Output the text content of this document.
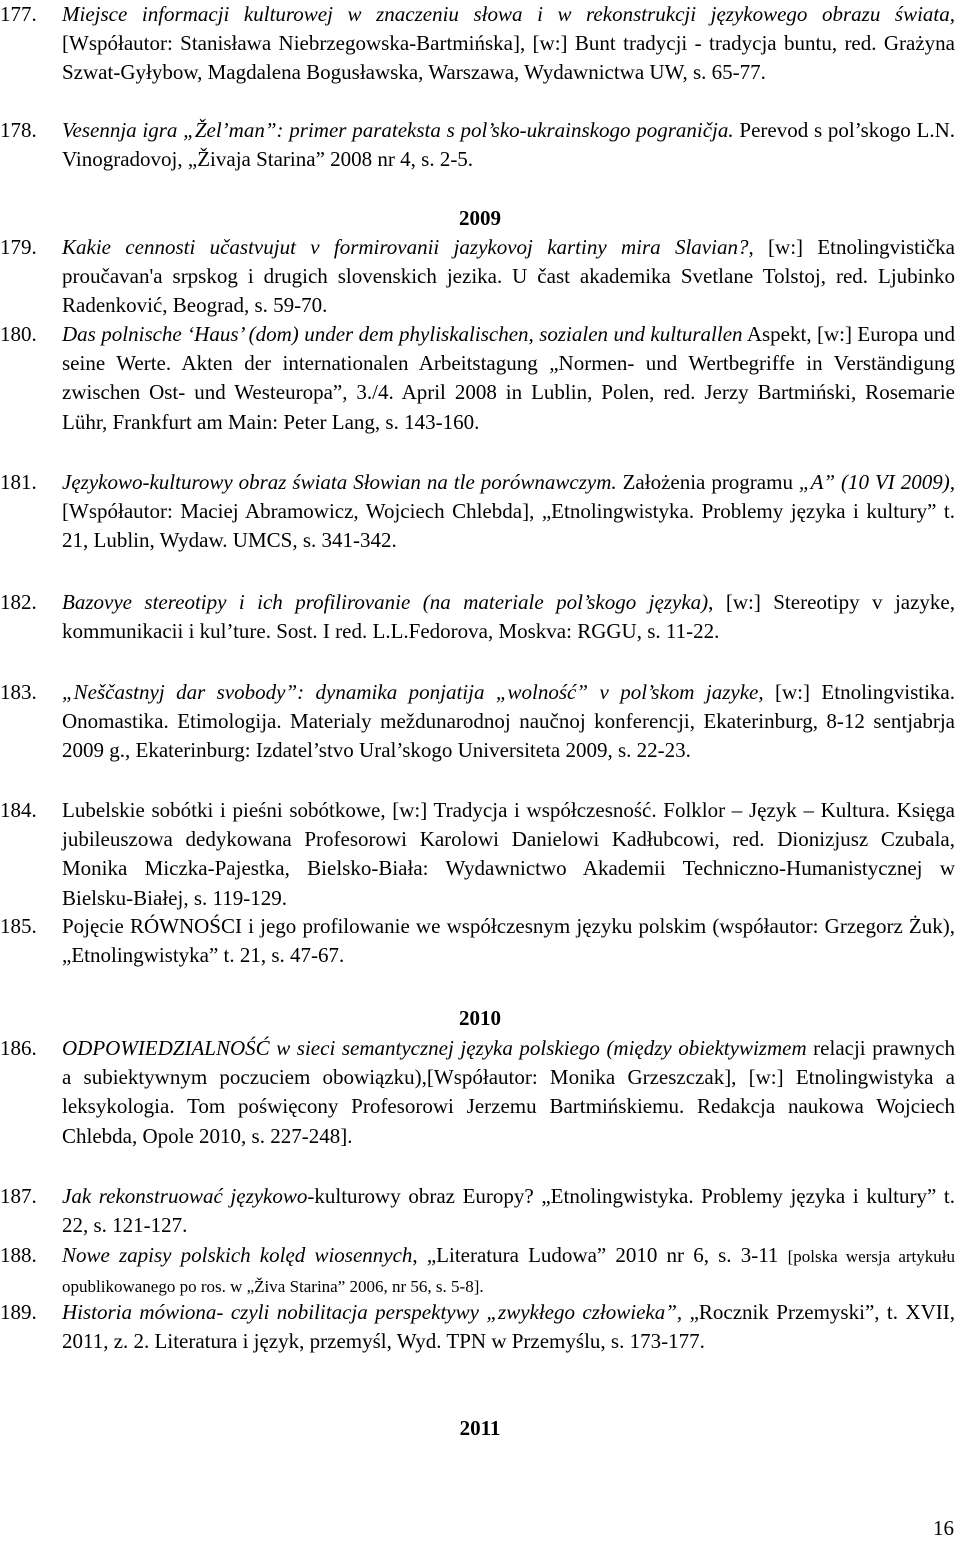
177.	Miejsce informacji kulturowej w znaczeniu słowa i w rekonstrukcji językowego obrazu świata, [Współautor: Stanisława Niebrzegowska-Bartmińska], [w:] Bunt tradycji - tradycja buntu, red. Grażyna Szwat-Gyłybow, Magdalena Bogusławska, Warszawa, Wydawnictwa UW, s. 65-77.
178.	Vesennja igra „Žel’man”: primer parateksta s pol’sko-ukrainskogo pograničja. Perevod s pol’skogo L.N. Vinogradovoj, „Živaja Starina” 2008 nr 4, s. 2-5.
2009
179.	Kakie cennosti učastvujut v formirovanii jazykovoj kartiny mira Slavian?, [w:] Etnolingvistička proučavan'a srpskog i drugich slovenskich jezika. U čast akademika Svetlane Tolstoj, red. Ljubinko Radenković, Beograd, s. 59-70.
180.	Das polnische ‘Haus’ (dom) under dem phyliskalischen, sozialen und kulturallen Aspekt, [w:] Europa und seine Werte. Akten der internationalen Arbeitstagung „Normen- und Wertbegriffe in Verständigung zwischen Ost- und Westeuropa”, 3./4. April 2008 in Lublin, Polen, red. Jerzy Bartmiński, Rosemarie Lühr, Frankfurt am Main: Peter Lang, s. 143-160.
181.	Językowo-kulturowy obraz świata Słowian na tle porównawczym. Założenia programu „A” (10 VI 2009), [Współautor: Maciej Abramowicz, Wojciech Chlebda], „Etnolingwistyka. Problemy języka i kultury” t. 21, Lublin, Wydaw. UMCS, s. 341-342.
182.	Bazovye stereotipy i ich profilirovanie (na materiale pol’skogo języka), [w:] Stereotipy v jazyke, kommunikacii i kul’ture. Sost. I red. L.L.Fedorova, Moskva: RGGU, s. 11-22.
183.	„Neščastnyj dar svobody”: dynamika ponjatija „wolność” v pol’skom jazyke, [w:] Etnolingvistika. Onomastika. Etimologija. Materialy meždunarodnoj naučnoj konferencji, Ekaterinburg, 8-12 sentjabrja 2009 g., Ekaterinburg: Izdatel’stvo Ural’skogo Universiteta 2009, s. 22-23.
184.	Lubelskie sobótki i pieśni sobótkowe, [w:] Tradycja i współczesność. Folklor – Język – Kultura. Księga jubileuszowa dedykowana Profesorowi Karolowi Danielowi Kadłubcowi, red. Dionizjusz Czubala, Monika Miczka-Pajestka, Bielsko-Biała: Wydawnictwo Akademii Techniczno-Humanistycznej w Bielsku-Białej, s. 119-129.
185.	Pojęcie RÓWNOŚCI i jego profilowanie we współczesnym języku polskim (współautor: Grzegorz Żuk), „Etnolingwistyka” t. 21, s. 47-67.
2010
186.	ODPOWIEDZIALNOŚĆ w sieci semantycznej języka polskiego (między obiektywizmem relacji prawnych a subiektywnym poczuciem obowiązku),[Współautor: Monika Grzeszczak], [w:] Etnolingwistyka a leksykologia. Tom poświęcony Profesorowi Jerzemu Bartmińskiemu. Redakcja naukowa Wojciech Chlebda, Opole 2010, s. 227-248].
187.	Jak rekonstruować językowo-kulturowy obraz Europy? „Etnolingwistyka. Problemy języka i kultury” t. 22, s. 121-127.
188.	Nowe zapisy polskich kolęd wiosennych, „Literatura Ludowa” 2010 nr 6, s. 3-11 [polska wersja artykułu opublikowanego po ros. w „Živa Starina” 2006, nr 56, s. 5-8].
189.	Historia mówiona- czyli nobilitacja perspektywy „zwykłego człowieka”, „Rocznik Przemyski”, t. XVII, 2011, z. 2. Literatura i język, przemyśl, Wyd. TPN w Przemyślu, s. 173-177.
2011
16
